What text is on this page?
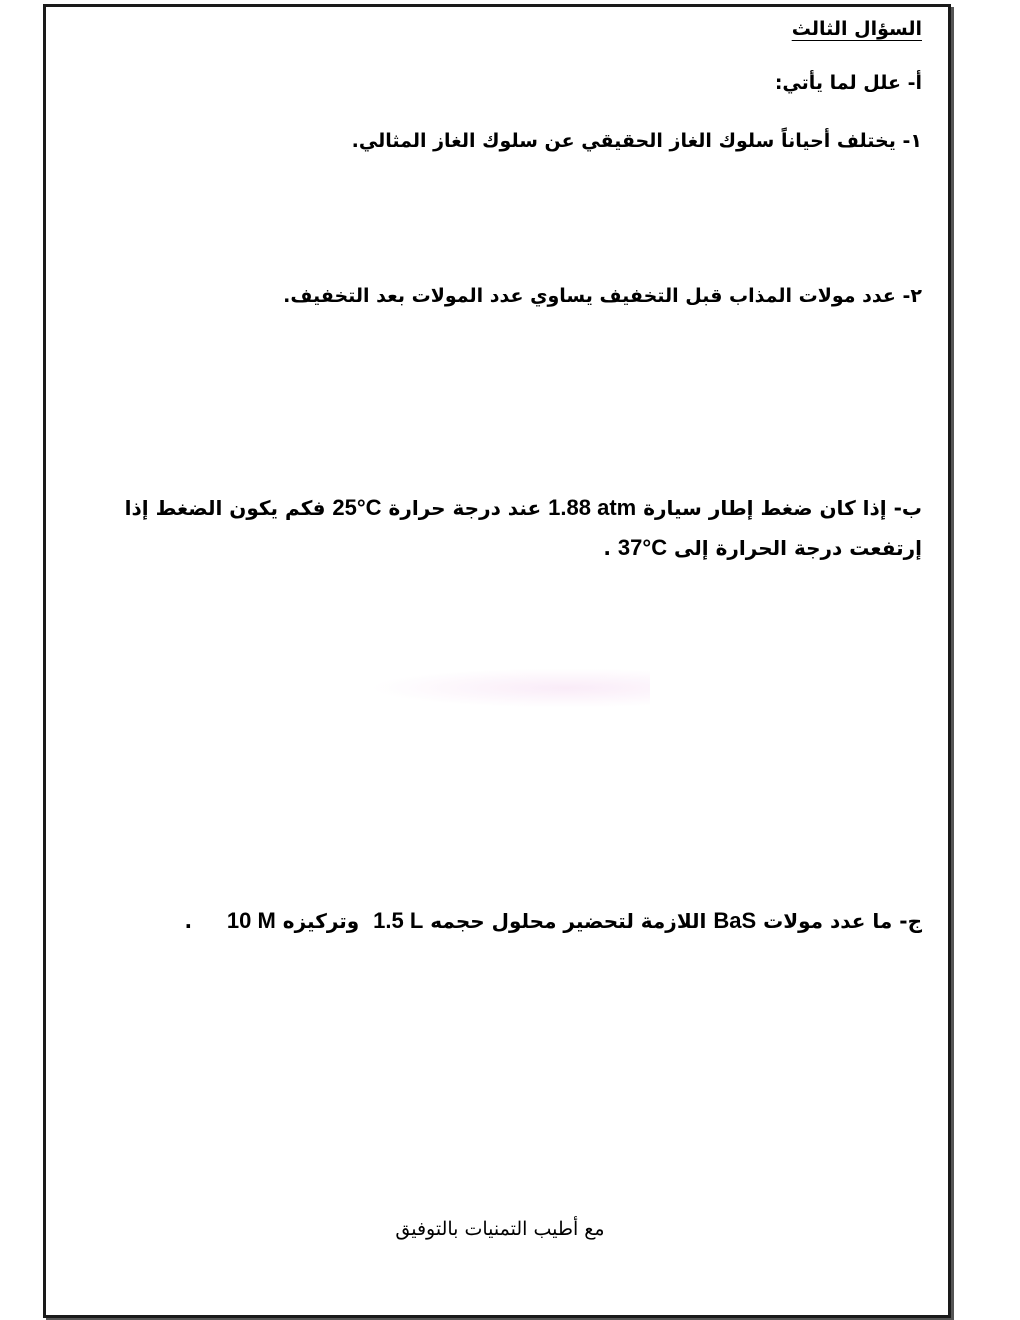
السؤال الثالث
أ- علل لما يأتي:
١- يختلف أحياناً سلوك الغاز الحقيقي عن سلوك الغاز المثالي.
٢- عدد مولات المذاب قبل التخفيف يساوي عدد المولات بعد التخفيف.
ب- إذا كان ضغط إطار سيارة 1.88 atm عند درجة حرارة 25°C فكم يكون الضغط إذا إرتفعت درجة الحرارة إلى 37°C .
ج- ما عدد مولات BaS اللازمة لتحضير محلول حجمه 1.5 L  وتركيزه 10 M     .
مع أطيب التمنيات بالتوفيق
